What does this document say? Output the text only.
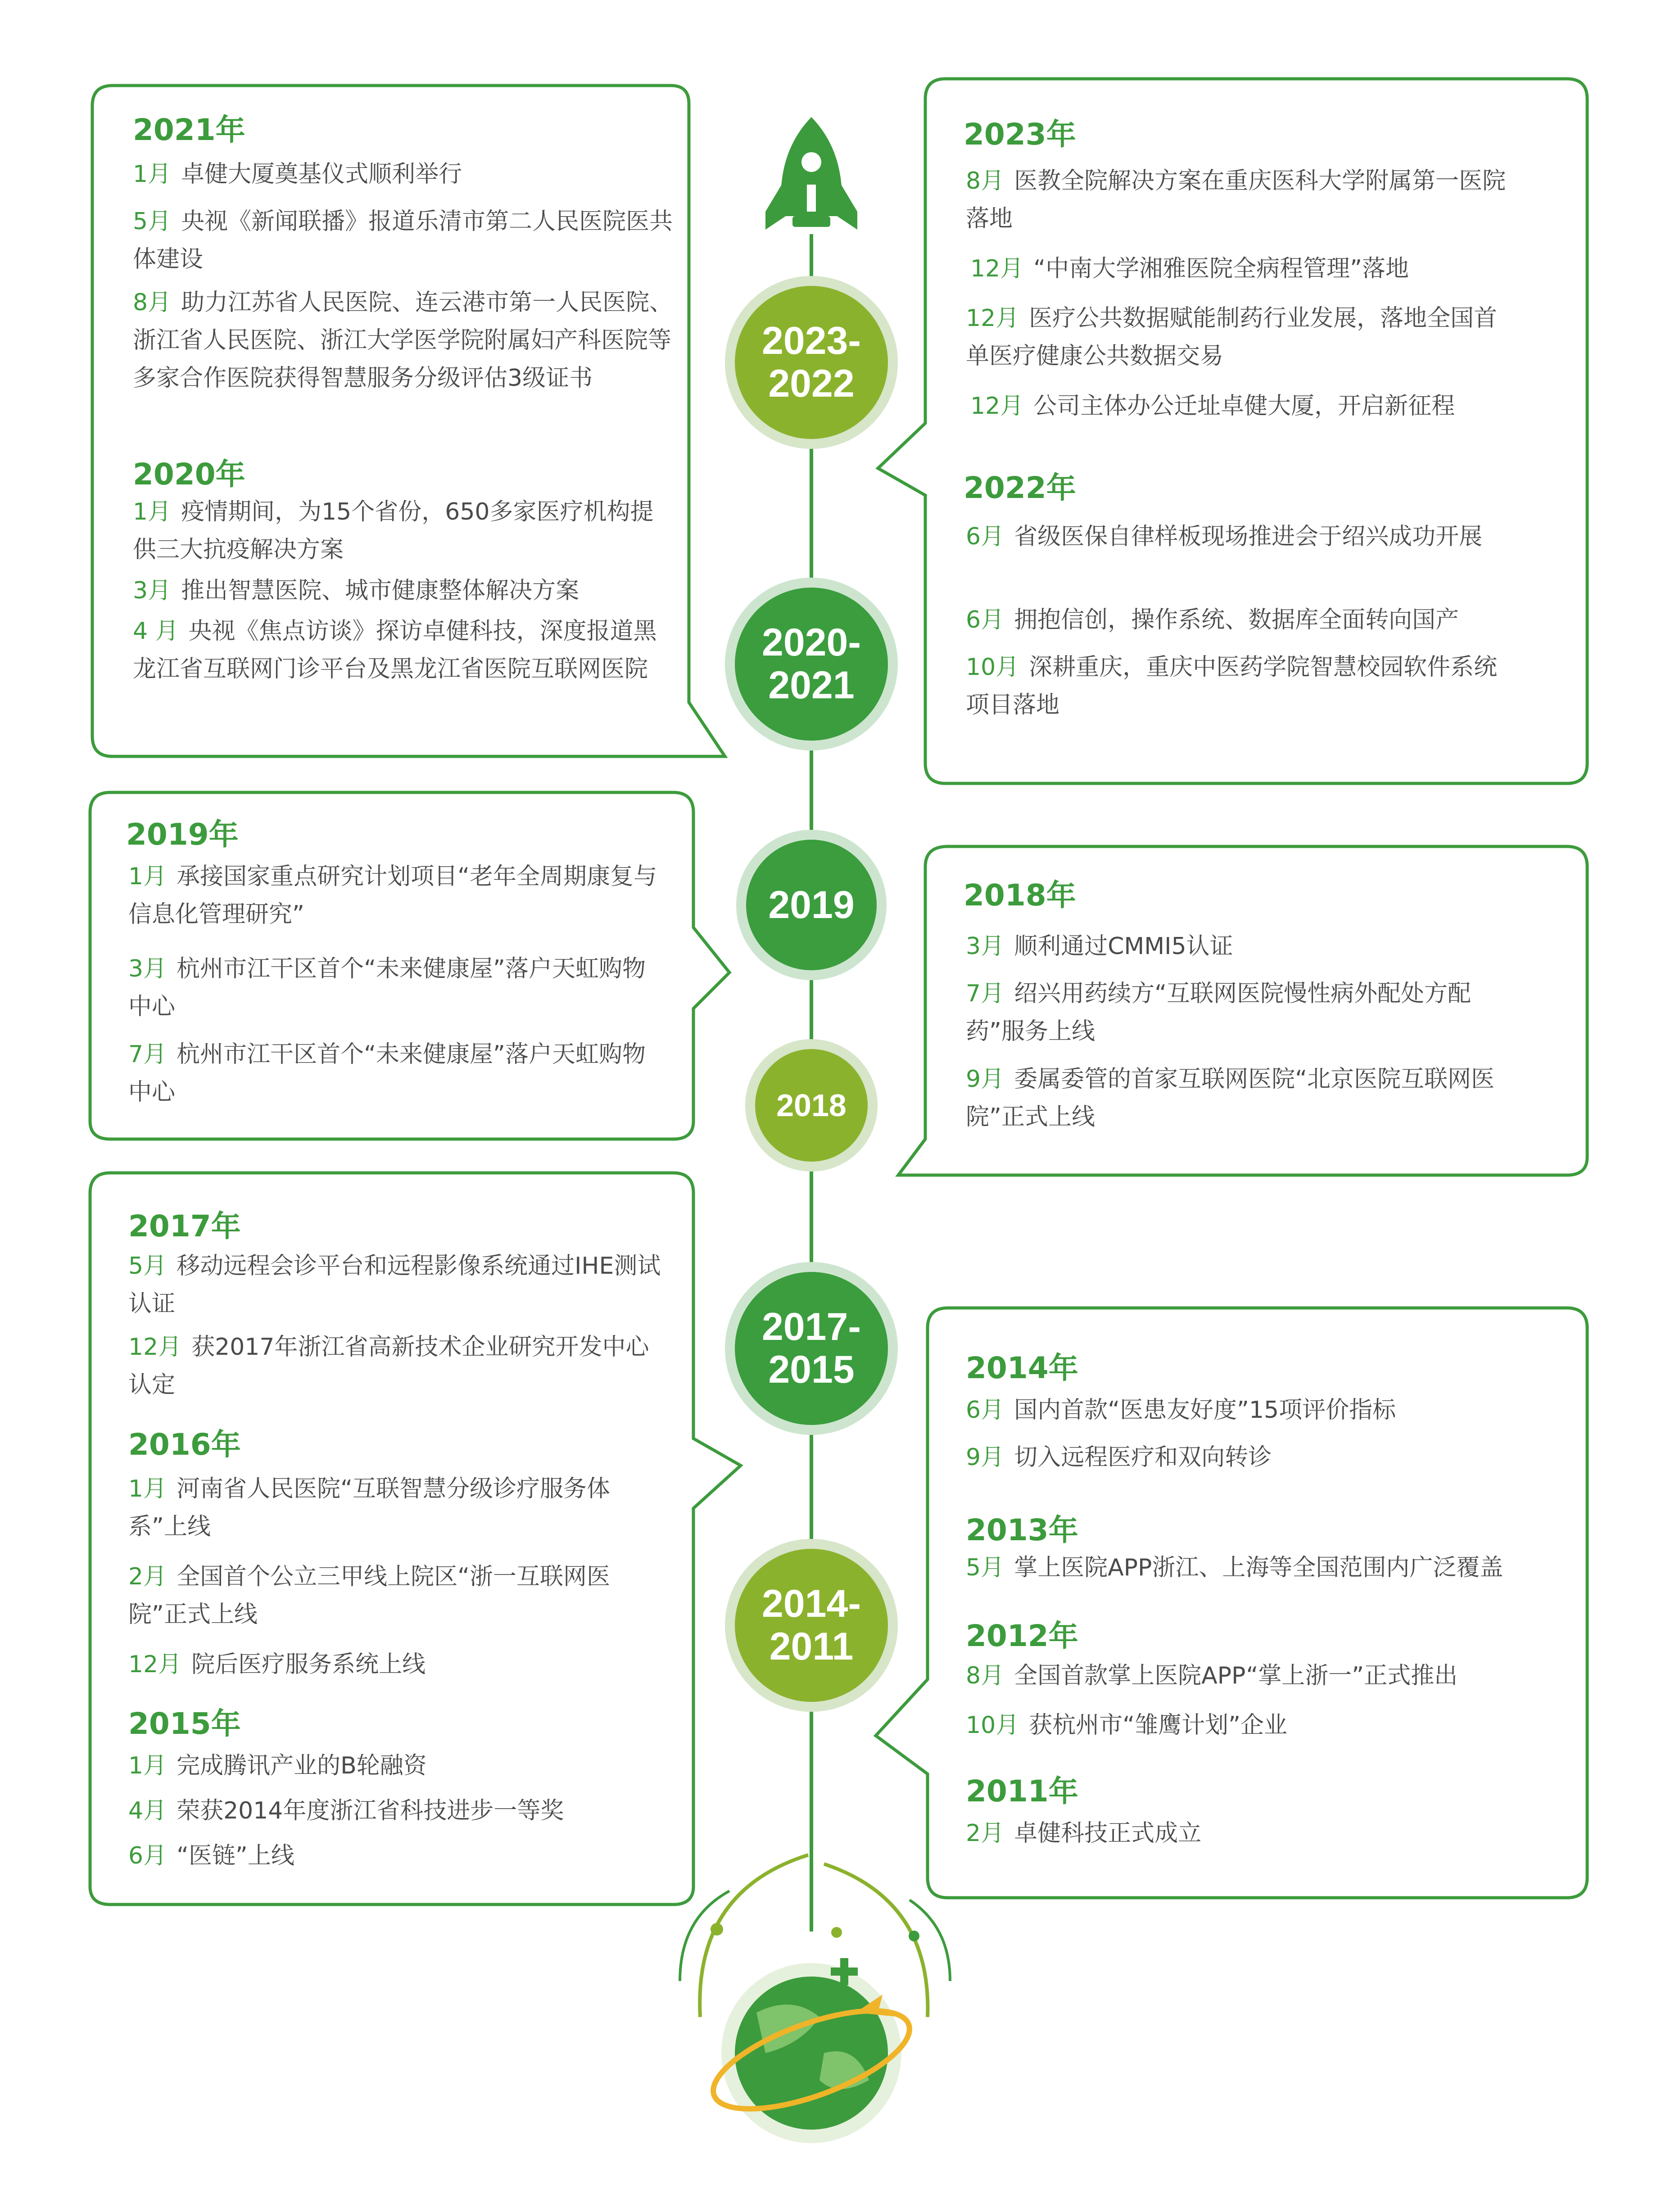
2023-
2022
2020-
2021
2019
2018
2017-
2015
2014-
2011
2021年
1月 卓健大厦奠基仪式顺利举行
5月 央视《新闻联播》报道乐清市第二人民医院医共体建设
8月 助力江苏省人民医院、连云港市第一人民医院、浙江省人民医院、浙江大学医学院附属妇产科医院等多家合作医院获得智慧服务分级评估3级证书
2020年
1月 疫情期间，为15个省份，650多家医疗机构提供三大抗疫解决方案
3月 推出智慧医院、城市健康整体解决方案
4 月 央视《焦点访谈》探访卓健科技，深度报道黑龙江省互联网门诊平台及黑龙江省医院互联网医院
2023年
8月 医教全院解决方案在重庆医科大学附属第一医院落地
12月 “中南大学湘雅医院全病程管理”落地
12月 医疗公共数据赋能制药行业发展，落地全国首单医疗健康公共数据交易
12月 公司主体办公迁址卓健大厦，开启新征程
2022年
6月 省级医保自律样板现场推进会于绍兴成功开展
6月 拥抱信创，操作系统、数据库全面转向国产
10月 深耕重庆，重庆中医药学院智慧校园软件系统项目落地
2019年
1月 承接国家重点研究计划项目“老年全周期康复与信息化管理研究”
3月 杭州市江干区首个“未来健康屋”落户天虹购物中心
7月 杭州市江干区首个“未来健康屋”落户天虹购物中心
2018年
3月 顺利通过CMMI5认证
7月 绍兴用药续方“互联网医院慢性病外配处方配药”服务上线
9月 委属委管的首家互联网医院“北京医院互联网医院”正式上线
2017年
5月 移动远程会诊平台和远程影像系统通过IHE测试认证
12月 获2017年浙江省高新技术企业研究开发中心认定
2016年
1月 河南省人民医院“互联智慧分级诊疗服务体系”上线
2月 全国首个公立三甲线上院区“浙一互联网医院”正式上线
12月 院后医疗服务系统上线
2015年
1月 完成腾讯产业的B轮融资
4月 荣获2014年度浙江省科技进步一等奖
6月 “医链”上线
2014年
6月 国内首款“医患友好度”15项评价指标
9月 切入远程医疗和双向转诊
2013年
5月 掌上医院APP浙江、上海等全国范围内广泛覆盖
2012年
8月 全国首款掌上医院APP“掌上浙一”正式推出
10月 获杭州市“雏鹰计划”企业
2011年
2月 卓健科技正式成立
